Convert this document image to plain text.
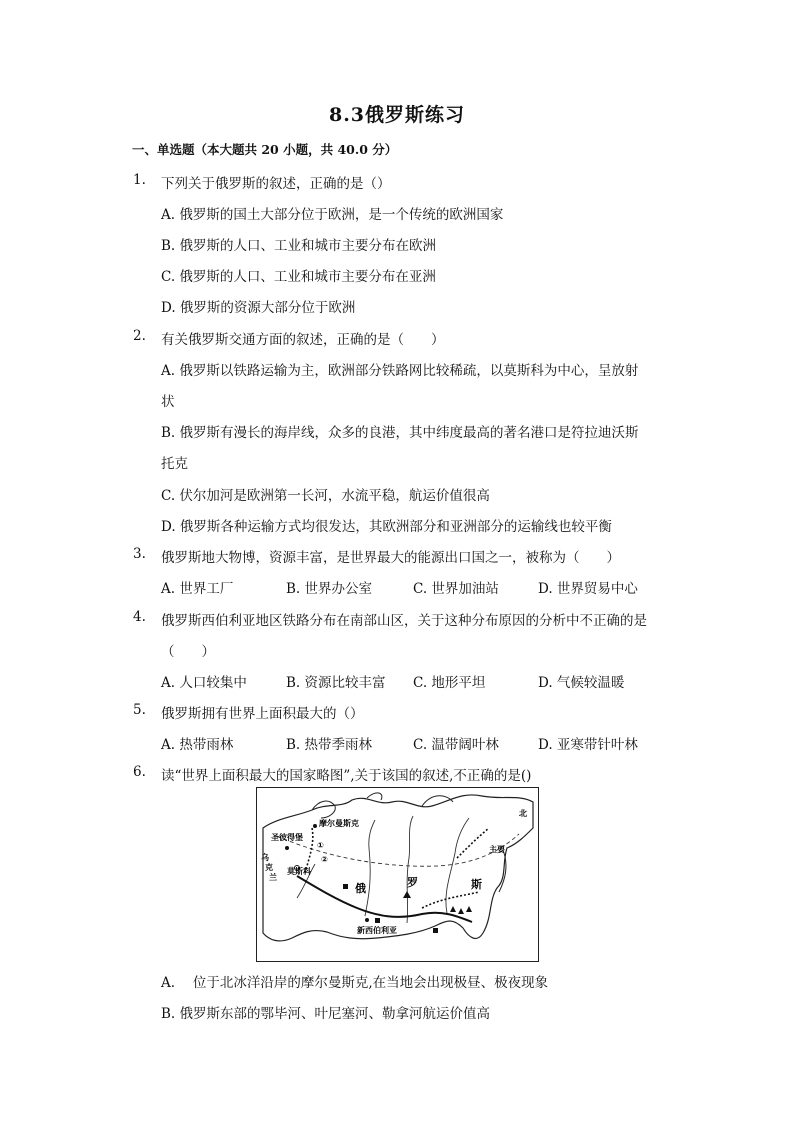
8.3俄罗斯练习
一、单选题（本大题共 20 小题，共 40.0 分）
1. 下列关于俄罗斯的叙述，正确的是（）
A. 俄罗斯的国土大部分位于欧洲，是一个传统的欧洲国家
B. 俄罗斯的人口、工业和城市主要分布在欧洲
C. 俄罗斯的人口、工业和城市主要分布在亚洲
D. 俄罗斯的资源大部分位于欧洲
2. 有关俄罗斯交通方面的叙述，正确的是（　　）
A. 俄罗斯以铁路运输为主，欧洲部分铁路网比较稀疏，以莫斯科为中心，呈放射
状
B. 俄罗斯有漫长的海岸线，众多的良港，其中纬度最高的著名港口是符拉迪沃斯
托克
C. 伏尔加河是欧洲第一长河，水流平稳，航运价值很高
D. 俄罗斯各种运输方式均很发达，其欧洲部分和亚洲部分的运输线也较平衡
3. 俄罗斯地大物博，资源丰富，是世界最大的能源出口国之一，被称为（　　）
A. 世界工厂	B. 世界办公室	C. 世界加油站	D. 世界贸易中心
4. 俄罗斯西伯利亚地区铁路分布在南部山区，关于这种分布原因的分析中不正确的是
（　　）
A. 人口较集中	B. 资源比较丰富 C. 地形平坦	D. 气候较温暖
5. 俄罗斯拥有世界上面积最大的（）
A. 热带雨林	B. 热带季雨林	C. 温带阔叶林	D. 亚寒带针叶林
6. 读“世界上面积最大的国家略图”,关于该国的叙述,不正确的是()
摩尔曼斯克
圣彼得堡
莫斯科
乌
克
兰
俄	罗	斯
新西伯利亚
北
主要
①
②
A.　 位于北冰洋沿岸的摩尔曼斯克,在当地会出现极昼、极夜现象
B. 俄罗斯东部的鄂毕河、叶尼塞河、勒拿河航运价值高
